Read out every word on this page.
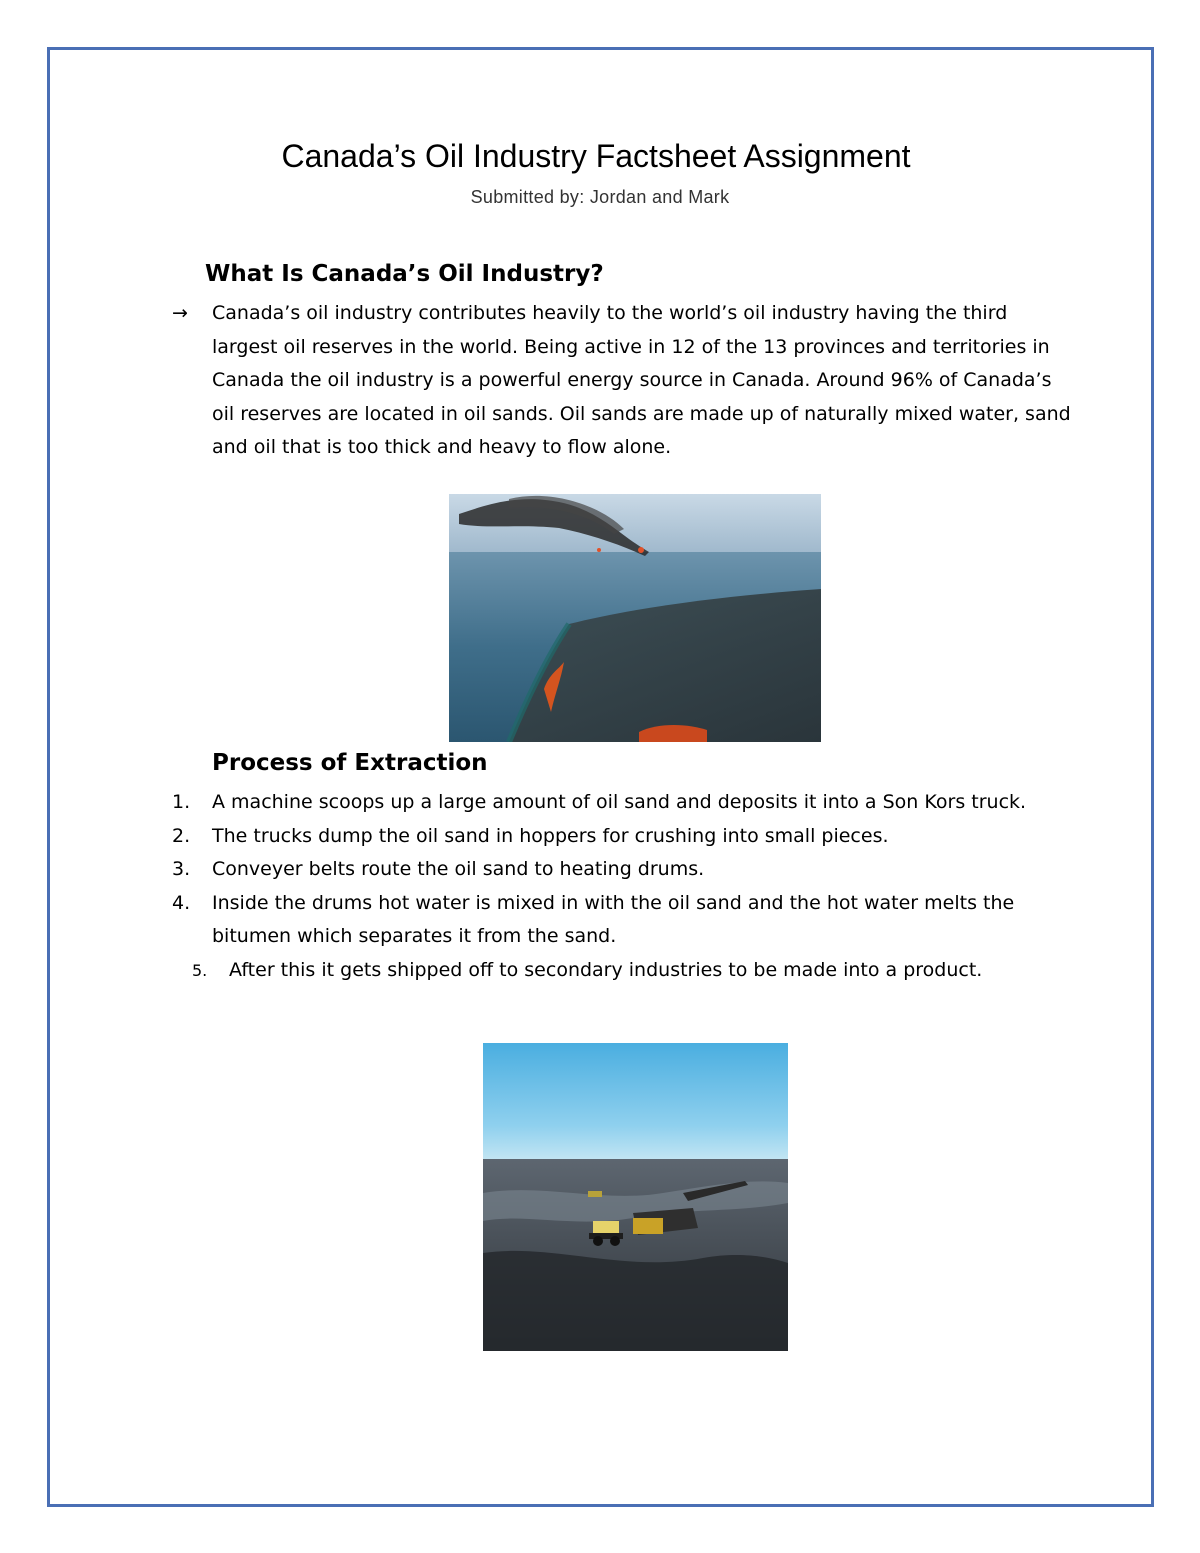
Canada’s Oil Industry Factsheet Assignment
Submitted by: Jordan and Mark
What Is Canada’s Oil Industry?
→	Canada’s oil industry contributes heavily to the world’s oil industry having the third largest oil reserves in the world. Being active in 12 of the 13 provinces and territories in Canada the oil industry is a powerful energy source in Canada. Around 96% of Canada’s oil reserves are located in oil sands. Oil sands are made up of naturally mixed water, sand and oil that is too thick and heavy to flow alone.
Process of Extraction
1. A machine scoops up a large amount of oil sand and deposits it into a Son Kors truck.
2. The trucks dump the oil sand in hoppers for crushing into small pieces.
3. Conveyer belts route the oil sand to heating drums.
4. Inside the drums hot water is mixed in with the oil sand and the hot water melts the bitumen which separates it from the sand.
5. After this it gets shipped off to secondary industries to be made into a product.
